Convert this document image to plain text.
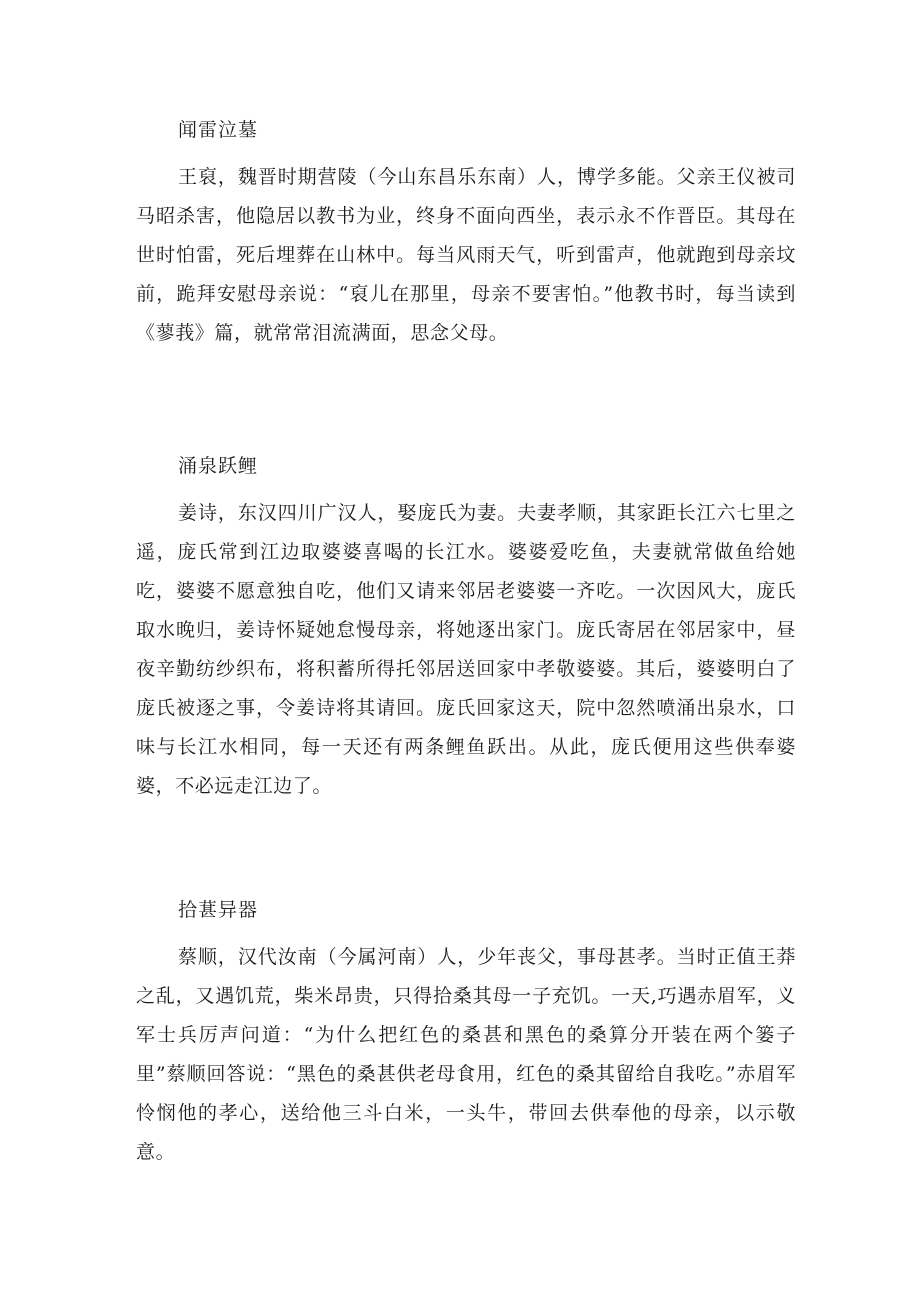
闻雷泣墓

王裒，魏晋时期营陵（今山东昌乐东南）人，博学多能。父亲王仪被司马昭杀害，他隐居以教书为业，终身不面向西坐，表示永不作晋臣。其母在世时怕雷，死后埋葬在山林中。每当风雨天气，听到雷声，他就跑到母亲坟前，跪拜安慰母亲说：“裒儿在那里，母亲不要害怕。”他教书时，每当读到《蓼莪》篇，就常常泪流满面，思念父母。

涌泉跃鲤

姜诗，东汉四川广汉人，娶庞氏为妻。夫妻孝顺，其家距长江六七里之遥，庞氏常到江边取婆婆喜喝的长江水。婆婆爱吃鱼，夫妻就常做鱼给她吃，婆婆不愿意独自吃，他们又请来邻居老婆婆一齐吃。一次因风大，庞氏取水晚归，姜诗怀疑她怠慢母亲，将她逐出家门。庞氏寄居在邻居家中，昼夜辛勤纺纱织布，将积蓄所得托邻居送回家中孝敬婆婆。其后，婆婆明白了庞氏被逐之事，令姜诗将其请回。庞氏回家这天，院中忽然喷涌出泉水，口味与长江水相同，每一天还有两条鲤鱼跃出。从此，庞氏便用这些供奉婆婆，不必远走江边了。

拾葚异器

蔡顺，汉代汝南（今属河南）人，少年丧父，事母甚孝。当时正值王莽之乱，又遇饥荒，柴米昂贵，只得拾桑其母一子充饥。一天,巧遇赤眉军，义军士兵厉声问道：“为什么把红色的桑甚和黑色的桑算分开装在两个篓子里”蔡顺回答说：“黑色的桑甚供老母食用，红色的桑其留给自我吃。”赤眉军怜悯他的孝心，送给他三斗白米，一头牛，带回去供奉他的母亲，以示敬意。
